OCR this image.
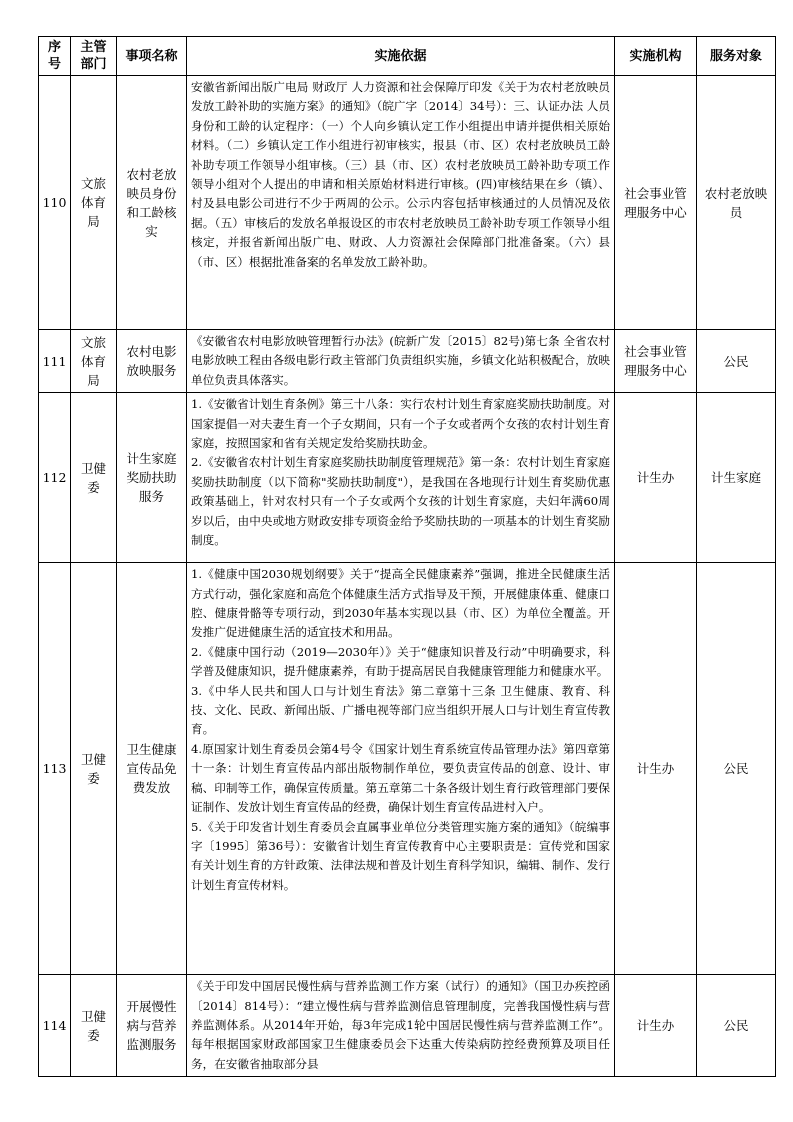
序号	主管部门	事项名称	实施依据	实施机构	服务对象
110	文旅体育局	农村老放映员身份和工龄核实	安徽省新闻出版广电局 财政厅 人力资源和社会保障厅印发《关于为农村老放映员发放工龄补助的实施方案》的通知》（皖广字〔2014〕34号）：三、认证办法 人员身份和工龄的认定程序：（一）个人向乡镇认定工作小组提出申请并提供相关原始材料。（二）乡镇认定工作小组进行初审核实，报县（市、区）农村老放映员工龄补助专项工作领导小组审核。（三）县（市、区）农村老放映员工龄补助专项工作领导小组对个人提出的申请和相关原始材料进行审核。(四)审核结果在乡（镇）、村及县电影公司进行不少于两周的公示。公示内容包括审核通过的人员情况及依据。（五）审核后的发放名单报设区的市农村老放映员工龄补助专项工作领导小组核定，并报省新闻出版广电、财政、人力资源社会保障部门批准备案。（六）县（市、区）根据批准备案的名单发放工龄补助。	社会事业管理服务中心	农村老放映员
111	文旅体育局	农村电影放映服务	《安徽省农村电影放映管理暂行办法》(皖新广发〔2015〕82号)第七条 全省农村电影放映工程由各级电影行政主管部门负责组织实施，乡镇文化站积极配合，放映单位负责具体落实。	社会事业管理服务中心	公民
112	卫健委	计生家庭奖励扶助服务	1.《安徽省计划生育条例》第三十八条：实行农村计划生育家庭奖励扶助制度。对国家提倡一对夫妻生育一个子女期间，只有一个子女或者两个女孩的农村计划生育家庭，按照国家和省有关规定发给奖励扶助金。

2.《安徽省农村计划生育家庭奖励扶助制度管理规范》第一条：农村计划生育家庭奖励扶助制度（以下简称"奖励扶助制度"），是我国在各地现行计划生育奖励优惠政策基础上，针对农村只有一个子女或两个女孩的计划生育家庭，夫妇年满60周岁以后，由中央或地方财政安排专项资金给予奖励扶助的一项基本的计划生育奖励制度。	计生办	计生家庭
113	卫健委	卫生健康宣传品免费发放	1.《健康中国2030规划纲要》关于“提高全民健康素养”强调，推进全民健康生活方式行动，强化家庭和高危个体健康生活方式指导及干预，开展健康体重、健康口腔、健康骨骼等专项行动，到2030年基本实现以县（市、区）为单位全覆盖。开发推广促进健康生活的适宜技术和用品。

2.《健康中国行动（2019—2030年）》关于“健康知识普及行动”中明确要求，科学普及健康知识，提升健康素养，有助于提高居民自我健康管理能力和健康水平。

3.《中华人民共和国人口与计划生育法》第二章第十三条 卫生健康、教育、科技、文化、民政、新闻出版、广播电视等部门应当组织开展人口与计划生育宣传教育。

4.原国家计划生育委员会第4号令《国家计划生育系统宣传品管理办法》第四章第十一条：计划生育宣传品内部出版物制作单位，要负责宣传品的创意、设计、审稿、印制等工作，确保宣传质量。第五章第二十条各级计划生育行政管理部门要保证制作、发放计划生育宣传品的经费，确保计划生育宣传品进村入户。

5.《关于印发省计划生育委员会直属事业单位分类管理实施方案的通知》（皖编事字〔1995〕第36号）：安徽省计划生育宣传教育中心主要职责是：宣传党和国家有关计划生育的方针政策、法律法规和普及计划生育科学知识，编辑、制作、发行计划生育宣传材料。	计生办	公民
114	卫健委	开展慢性病与营养监测服务	《关于印发中国居民慢性病与营养监测工作方案（试行）的通知》（国卫办疾控函〔2014〕814号）：“建立慢性病与营养监测信息管理制度，完善我国慢性病与营养监测体系。从2014年开始，每3年完成1轮中国居民慢性病与营养监测工作”。每年根据国家财政部国家卫生健康委员会下达重大传染病防控经费预算及项目任务，在安徽省抽取部分县	计生办	公民
